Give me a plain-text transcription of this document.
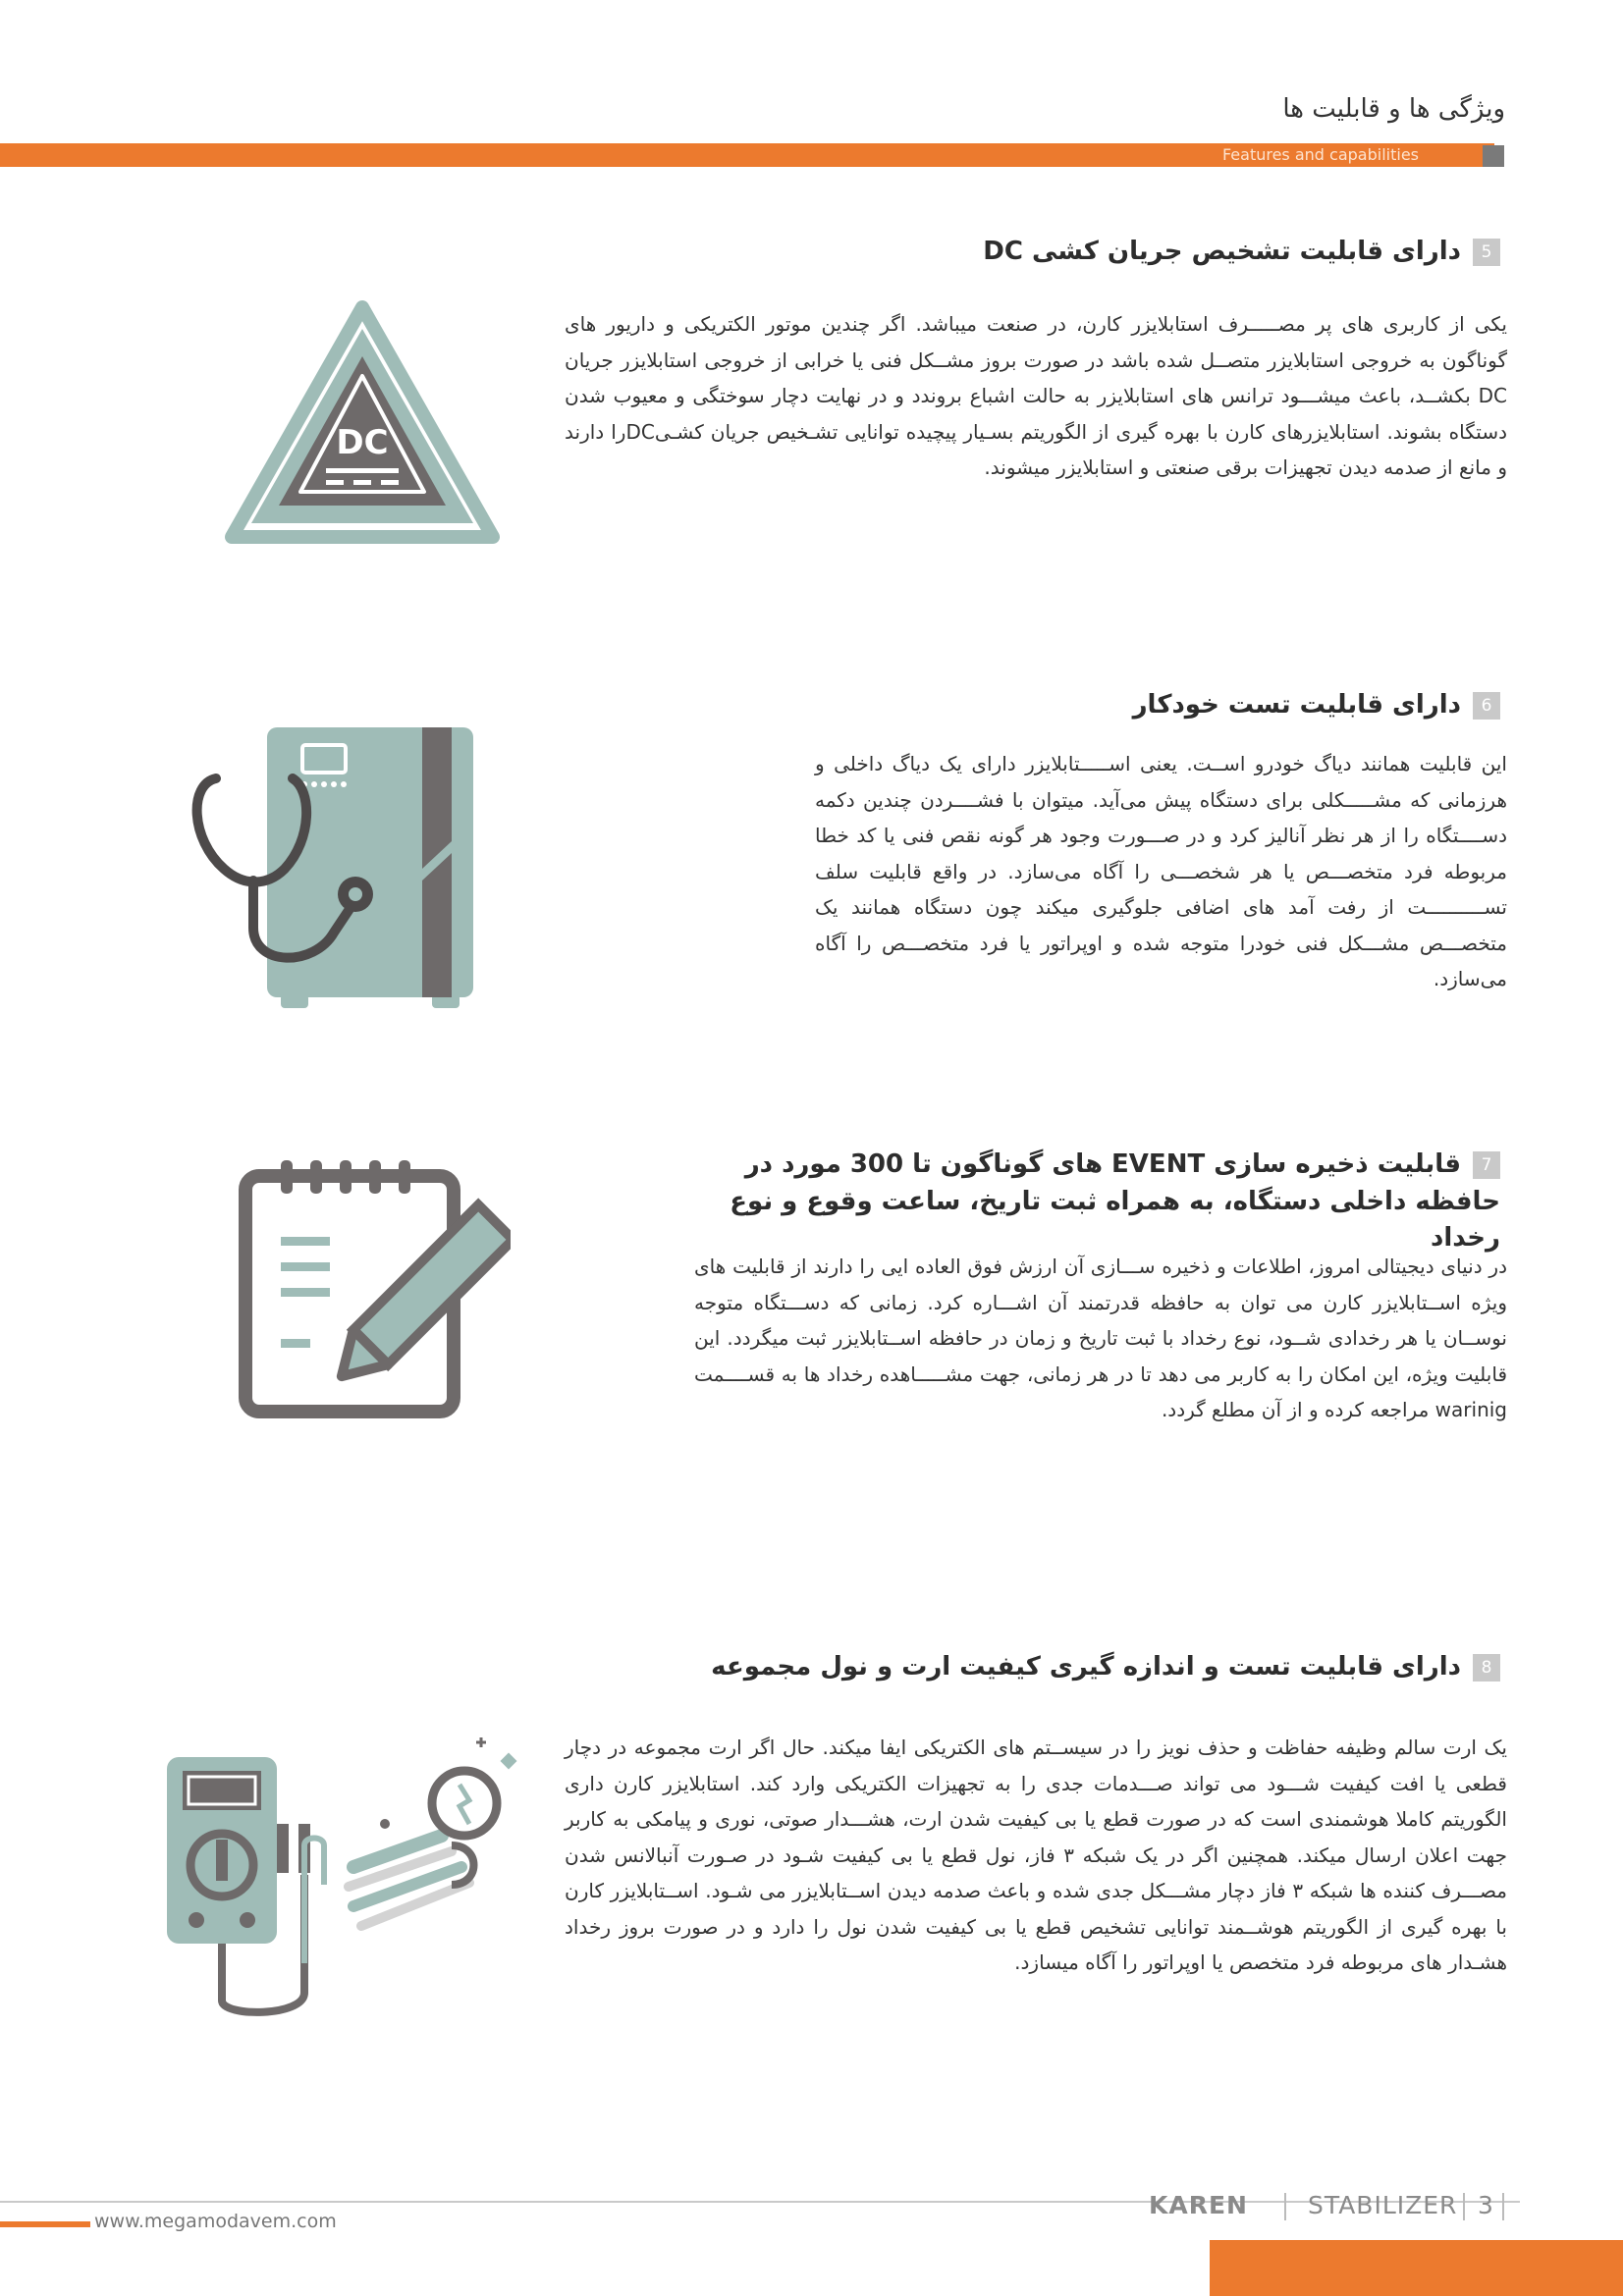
ویژگی ها و قابلیت ها
Features and capabilities
5دارای قابلیت تشخیص جریان کشی DC
یکی از کاربری های پر مصـــــرف استابلایزر کارن، در صنعت میباشد. اگر چندین موتور الکتریکی و داریور های گوناگون به خروجی استابلایزر متصــل شده باشد در صورت بروز مشــکل فنی یا خرابی از خروجی استابلایزر جریان DC بکشــد، باعث میشـــود ترانس های استابلایزر به حالت اشباع بروندد و در نهایت دچار سوختگی و معیوب شدن دستگاه بشوند. استابلایزرهای کارن با بهره گیری از الگوریتم بسـیار پیچیده توانایی تشـخیص جریان کشـیDCرا دارند و مانع از صدمه دیدن تجهیزات برقی صنعتی و استابلایزر میشوند.
DC
6دارای قابلیت تست خودکار
این قابلیت همانند دیاگ خودرو اســت. یعنی اســـــتابلایزر دارای یک دیاگ داخلی و هرزمانی که مشـــــکلی برای دستگاه پیش می‌آید. میتوان با فشــــردن چندین دکمه دســــتگاه را از هر نظر آنالیز کرد و در صـــورت وجود هر گونه نقص فنی یا کد خطا مربوطه فرد متخصـــص یا هر شخصـــی را آگاه می‌سازد. در واقع قابلیت سلف تســــــــــت از رفت آمد های اضافی جلوگیری میکند چون دستگاه همانند یک متخصـــص مشـــکل فنی خودرا متوجه شده و اوپراتور یا فرد متخصـــص را آگاه می‌سازد.
7قابلیت ذخیره سازی EVENT های گوناگون تا 300 مورد در حافظه داخلی دستگاه، به همراه ثبت تاریخ، ساعت وقوع و نوع رخداد
در دنیای دیجیتالی امروز، اطلاعات و ذخیره ســـازی آن ارزش فوق العاده ایی را دارند از قابلیت های ویژه اســتابلایزر کارن می توان به حافظه قدرتمند آن اشـــاره کرد. زمانی که دســـتگاه متوجه نوســان یا هر رخدادی شــود، نوع رخداد با ثبت تاریخ و زمان در حافظه اســتابلایزر ثبت میگردد. این قابلیت ویژه، این امکان را به کاربر می دهد تا در هر زمانی، جهت مشـــــاهده رخداد ها به قســــمت warinig مراجعه کرده و از آن مطلع گردد.
8دارای قابلیت تست و اندازه گیری کیفیت ارت و نول مجموعه
یک ارت سالم وظیفه حفاظت و حذف نویز را در سیســتم های الکتریکی ایفا میکند. حال اگر ارت مجموعه در دچار قطعی یا افت کیفیت شـــود می تواند صـــدمات جدی را به تجهیزات الکتریکی وارد کند. استابلایزر کارن داری الگوریتم کاملا هوشمندی است که در صورت قطع یا بی کیفیت شدن ارت، هشـــدار صوتی، نوری و پیامکی به کاربر جهت اعلان ارسال میکند. همچنین اگر در یک شبکه ۳ فاز، نول قطع یا بی کیفیت شـود در صـورت آنبالانس شدن مصـــرف کننده ها شبکه ۳ فاز دچار مشـــکل جدی شده و باعث صدمه دیدن اســتابلایزر می شـود. اســتابلایزر کارن با بهره گیری از الگوریتم هوشــمند توانایی تشخیص قطع یا بی کیفیت شدن نول را دارد و در صورت بروز رخداد هشـدار های مربوطه فرد متخصص یا اوپراتور را آگاه میسازد.
www.megamodavem.com
KAREN STABILIZER 3
